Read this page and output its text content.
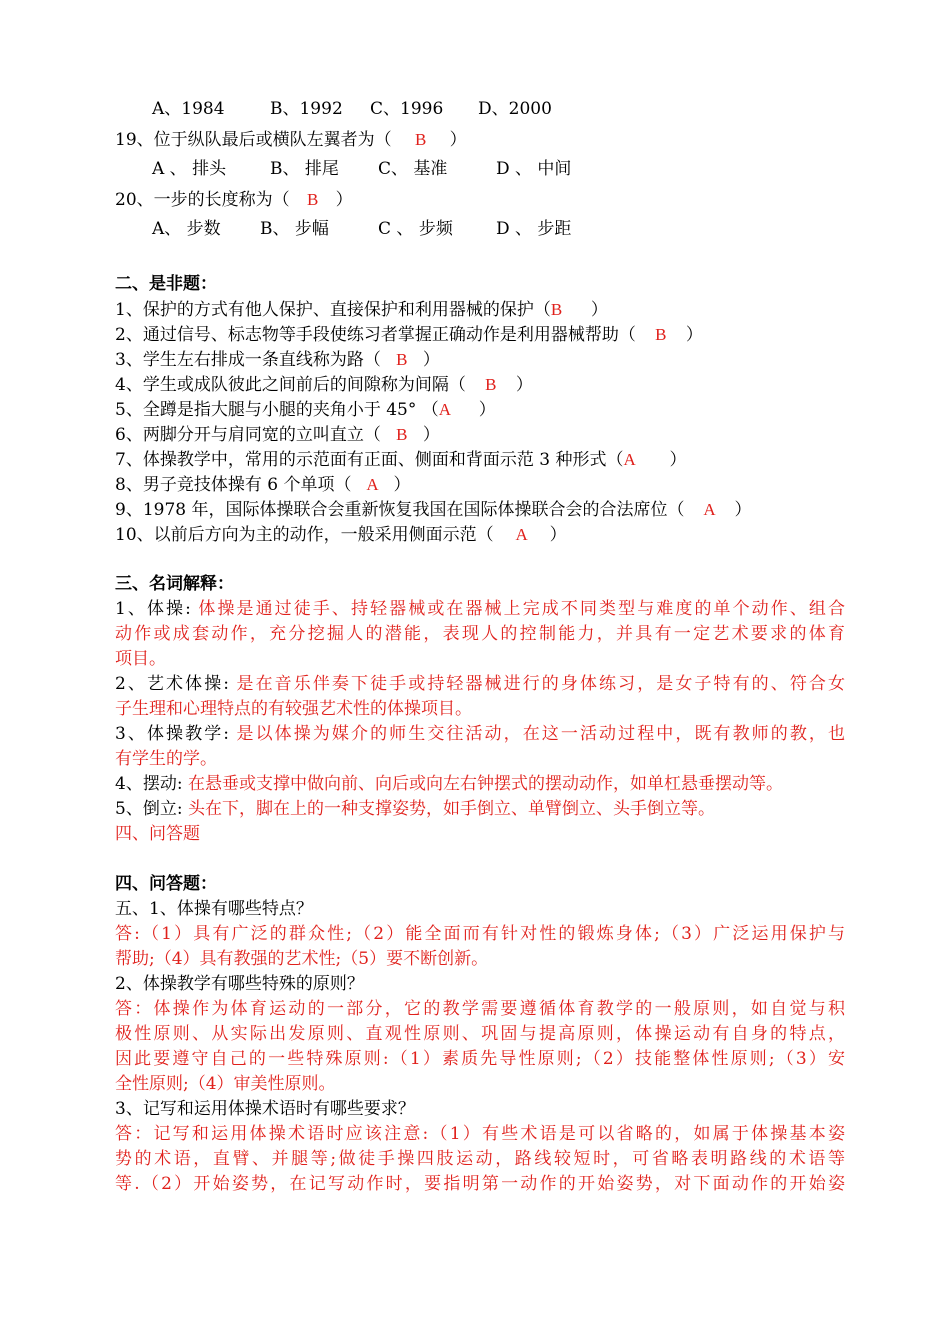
A、1984	B、1992 C、1996 D、2000
19、位于纵队最后或横队左翼者为（ B ）
A 、 排头	B、 排尾 C、 基准	D 、 中间
20、一步的长度称为（ B ）
A、 步数 B、 步幅	C 、 步频	D 、 步距
二、是非题：
1、保护的方式有他人保护、直接保护和利用器械的保护（B ）
2、通过信号、标志物等手段使练习者掌握正确动作是利用器械帮助（ B ）
3、学生左右排成一条直线称为路（ B ）
4、学生或成队彼此之间前后的间隙称为间隔（ B ）
5、全蹲是指大腿与小腿的夹角小于 45° （A ）
6、两脚分开与肩同宽的立叫直立（ B ）
7、体操教学中，常用的示范面有正面、侧面和背面示范 3 种形式（A ）
8、男子竞技体操有 6 个单项（ A ）
9、1978 年，国际体操联合会重新恢复我国在国际体操联合会的合法席位（ A ）
10、以前后方向为主的动作，一般采用侧面示范（ A ）
三、名词解释：
1、体操: 体操是通过徒手、持轻器械或在器械上完成不同类型与难度的单个动作、组合
动作或成套动作，充分挖掘人的潜能，表现人的控制能力，并具有一定艺术要求的体育
项目。
2、艺术体操: 是在音乐伴奏下徒手或持轻器械进行的身体练习，是女子特有的、符合女
子生理和心理特点的有较强艺术性的体操项目。
3、体操教学: 是以体操为媒介的师生交往活动，在这一活动过程中，既有教师的教，也
有学生的学。
4、摆动: 在悬垂或支撑中做向前、向后或向左右钟摆式的摆动动作，如单杠悬垂摆动等。
5、倒立: 头在下，脚在上的一种支撑姿势，如手倒立、单臂倒立、头手倒立等。
四、问答题
四、问答题：
五、1、体操有哪些特点？
答:（1）具有广泛的群众性;（2）能全面而有针对性的锻炼身体;（3）广泛运用保护与
帮助;（4）具有教强的艺术性;（5）要不断创新。
2、体操教学有哪些特殊的原则？
答：体操作为体育运动的一部分，它的教学需要遵循体育教学的一般原则，如自觉与积
极性原则、从实际出发原则、直观性原则、巩固与提高原则，体操运动有自身的特点，
因此要遵守自己的一些特殊原则:（1）素质先导性原则;（2）技能整体性原则;（3）安
全性原则;（4）审美性原则。
3、记写和运用体操术语时有哪些要求？
答：记写和运用体操术语时应该注意:（1）有些术语是可以省略的，如属于体操基本姿
势的术语，直臂、并腿等;做徒手操四肢运动，路线较短时，可省略表明路线的术语等
等.（2）开始姿势，在记写动作时，要指明第一动作的开始姿势，对下面动作的开始姿
